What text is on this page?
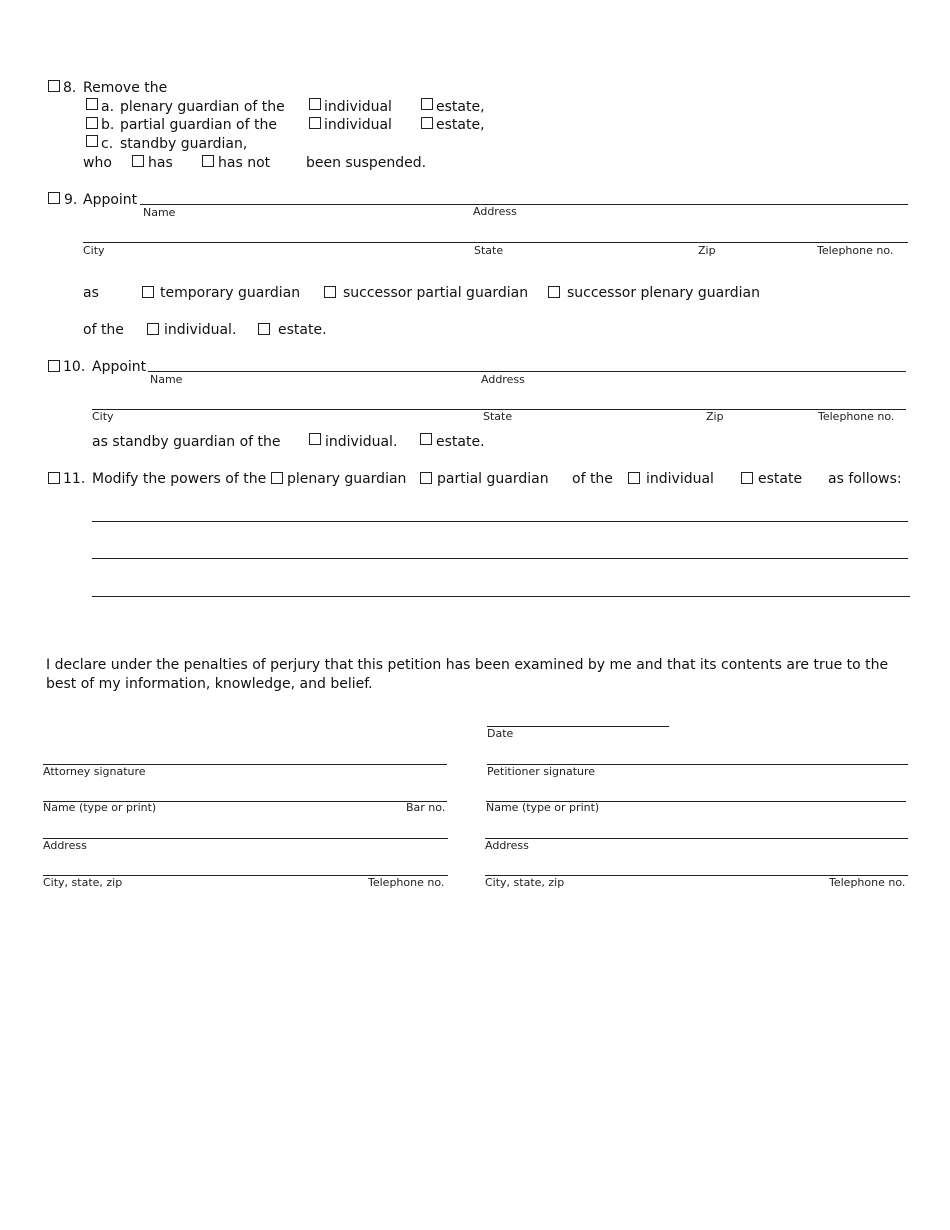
8. Remove the
a. plenary guardian of the	individual	estate,
b. partial guardian of the	individual	estate,
c. standby guardian,
who	has	has not	been suspended.
9. Appoint
Name	Address
City	State	Zip	Telephone no.
as	temporary guardian	successor partial guardian	successor plenary guardian
of the	individual.	estate.
10. Appoint
Name	Address
City	State	Zip	Telephone no.
as standby guardian of the	individual.	estate.
11. Modify the powers of the plenary guardian partial guardian of the individual	estate as follows:
I declare under the penalties of perjury that this petition has been examined by me and that its contents are true to the best of my information, knowledge, and belief.
Date
Attorney signature
Name (type or print)	Bar no.
Address
City, state, zip	Telephone no.
Petitioner signature
Name (type or print)
Address
City, state, zip	Telephone no.
